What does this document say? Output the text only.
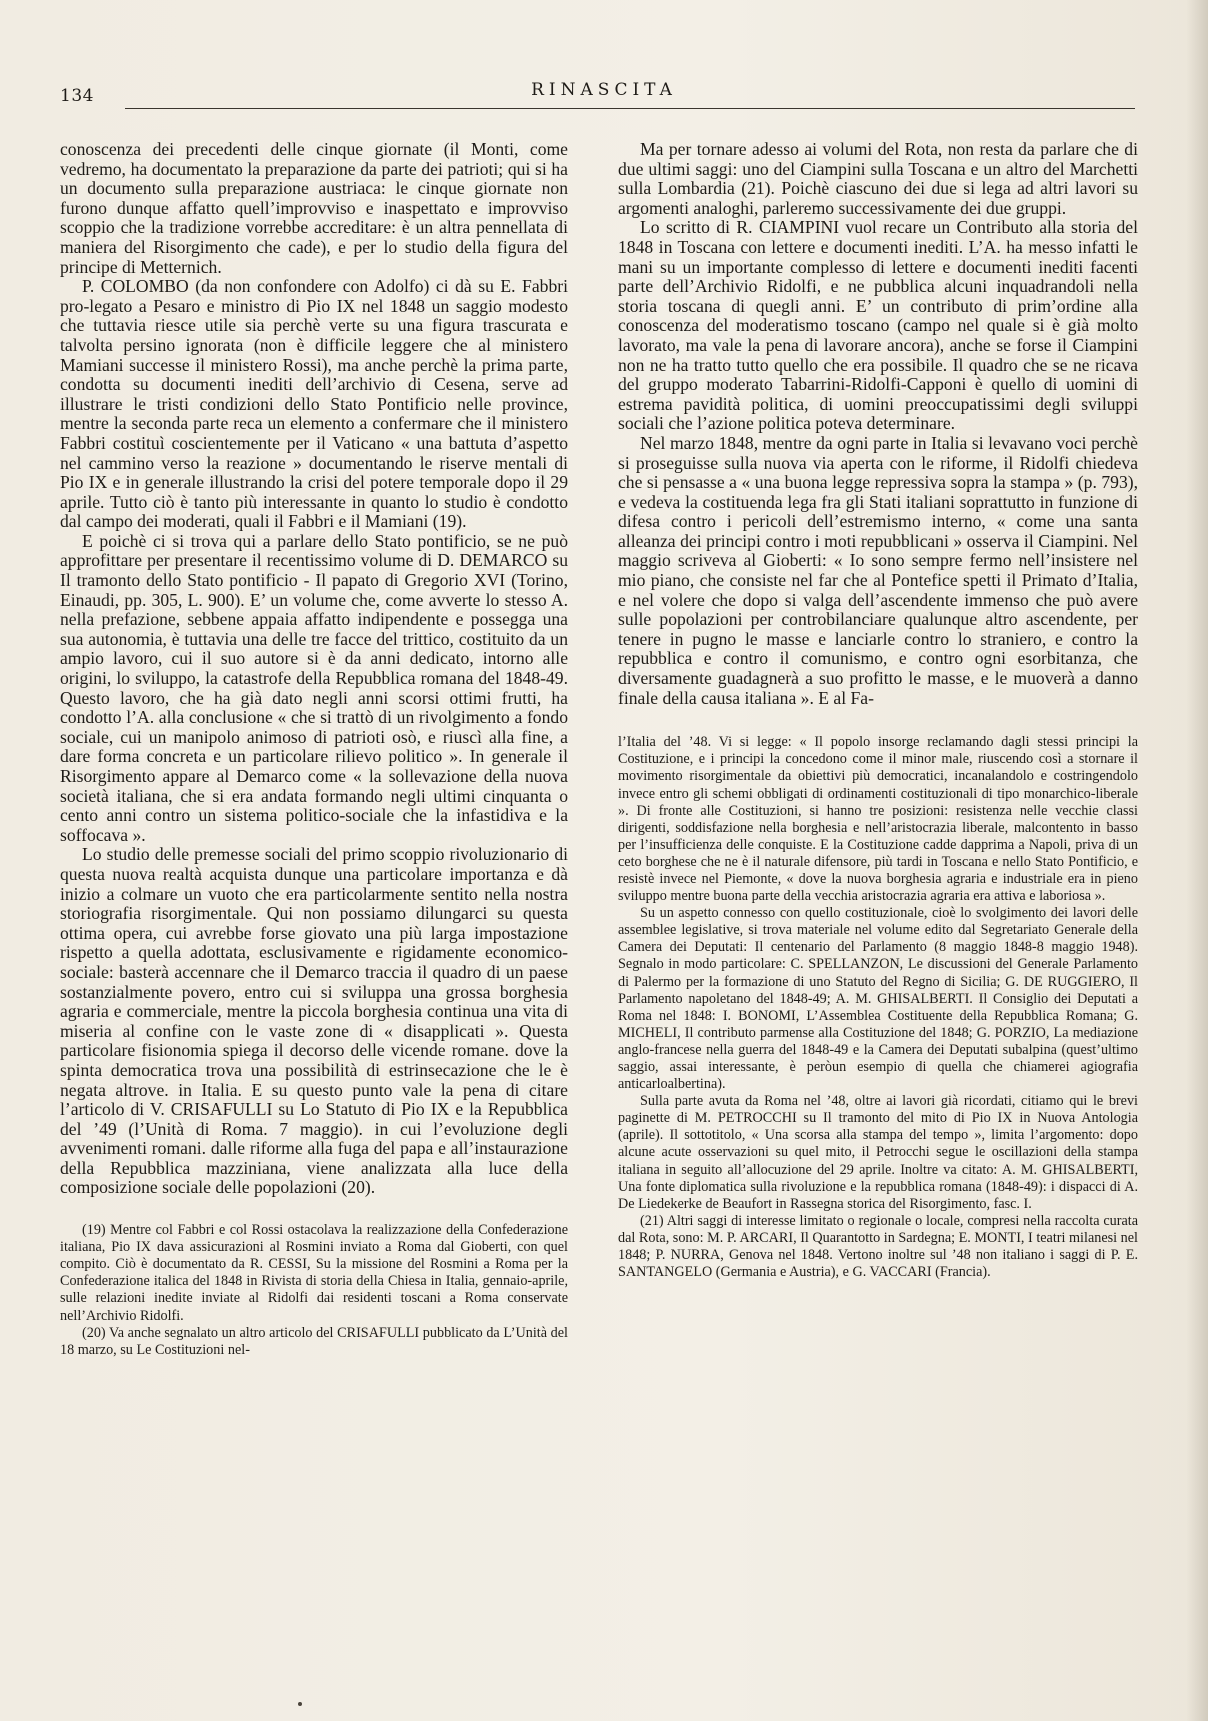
134	RINASCITA

conoscenza dei precedenti delle cinque giornate (il Monti, come vedremo, ha documentato la preparazione da parte dei patrioti; qui si ha un documento sulla preparazione austriaca: le cinque giornate non furono dunque affatto quell’improvviso e inaspettato e improvviso scoppio che la tradizione vorrebbe accreditare: è un altra pennellata di maniera del Risorgimento che cade), e per lo studio della figura del principe di Metternich.

P. COLOMBO (da non confondere con Adolfo) ci dà su E. Fabbri pro-legato a Pesaro e ministro di Pio IX nel 1848 un saggio modesto che tuttavia riesce utile sia perchè verte su una figura trascurata e talvolta persino ignorata (non è difficile leggere che al ministero Mamiani successe il ministero Rossi), ma anche perchè la prima parte, condotta su documenti inediti dell’archivio di Cesena, serve ad illustrare le tristi condizioni dello Stato Pontificio nelle province, mentre la seconda parte reca un elemento a confermare che il ministero Fabbri costituì coscientemente per il Vaticano « una battuta d’aspetto nel cammino verso la reazione » documentando le riserve mentali di Pio IX e in generale illustrando la crisi del potere temporale dopo il 29 aprile. Tutto ciò è tanto più interessante in quanto lo studio è condotto dal campo dei moderati, quali il Fabbri e il Mamiani (19).

E poichè ci si trova qui a parlare dello Stato pontificio, se ne può approfittare per presentare il recentissimo volume di D. DEMARCO su Il tramonto dello Stato pontificio - Il papato di Gregorio XVI (Torino, Einaudi, pp. 305, L. 900). E’ un volume che, come avverte lo stesso A. nella prefazione, sebbene appaia affatto indipendente e possegga una sua autonomia, è tuttavia una delle tre facce del trittico, costituito da un ampio lavoro, cui il suo autore si è da anni dedicato, intorno alle origini, lo sviluppo, la catastrofe della Repubblica romana del 1848-49. Questo lavoro, che ha già dato negli anni scorsi ottimi frutti, ha condotto l’A. alla conclusione « che si trattò di un rivolgimento a fondo sociale, cui un manipolo animoso di patrioti osò, e riuscì alla fine, a dare forma concreta e un particolare rilievo politico ». In generale il Risorgimento appare al Demarco come « la sollevazione della nuova società italiana, che si era andata formando negli ultimi cinquanta o cento anni contro un sistema politico-sociale che la infastidiva e la soffocava ».

Lo studio delle premesse sociali del primo scoppio rivoluzionario di questa nuova realtà acquista dunque una particolare importanza e dà inizio a colmare un vuoto che era particolarmente sentito nella nostra storiografia risorgimentale. Qui non possiamo dilungarci su questa ottima opera, cui avrebbe forse giovato una più larga impostazione rispetto a quella adottata, esclusivamente e rigidamente economico-sociale: basterà accennare che il Demarco traccia il quadro di un paese sostanzialmente povero, entro cui si sviluppa una grossa borghesia agraria e commerciale, mentre la piccola borghesia continua una vita di miseria al confine con le vaste zone di « disapplicati ». Questa particolare fisionomia spiega il decorso delle vicende romane. dove la spinta democratica trova una possibilità di estrinsecazione che le è negata altrove. in Italia. E su questo punto vale la pena di citare l’articolo di V. CRISAFULLI su Lo Statuto di Pio IX e la Repubblica del ’49 (l’Unità di Roma. 7 maggio). in cui l’evoluzione degli avvenimenti romani. dalle riforme alla fuga del papa e all’instaurazione della Repubblica mazziniana, viene analizzata alla luce della composizione sociale delle popolazioni (20).

(19) Mentre col Fabbri e col Rossi ostacolava la realizzazione della Confederazione italiana, Pio IX dava assicurazioni al Rosmini inviato a Roma dal Gioberti, con quel compito. Ciò è documentato da R. CESSI, Su la missione del Rosmini a Roma per la Confederazione italica del 1848 in Rivista di storia della Chiesa in Italia, gennaio-aprile, sulle relazioni inedite inviate al Ridolfi dai residenti toscani a Roma conservate nell’Archivio Ridolfi.

(20) Va anche segnalato un altro articolo del CRISAFULLI pubblicato da L’Unità del 18 marzo, su Le Costituzioni nel-

Ma per tornare adesso ai volumi del Rota, non resta da parlare che di due ultimi saggi: uno del Ciampini sulla Toscana e un altro del Marchetti sulla Lombardia (21). Poichè ciascuno dei due si lega ad altri lavori su argomenti analoghi, parleremo successivamente dei due gruppi.

Lo scritto di R. CIAMPINI vuol recare un Contributo alla storia del 1848 in Toscana con lettere e documenti inediti. L’A. ha messo infatti le mani su un importante complesso di lettere e documenti inediti facenti parte dell’Archivio Ridolfi, e ne pubblica alcuni inquadrandoli nella storia toscana di quegli anni. E’ un contributo di prim’ordine alla conoscenza del moderatismo toscano (campo nel quale si è già molto lavorato, ma vale la pena di lavorare ancora), anche se forse il Ciampini non ne ha tratto tutto quello che era possibile. Il quadro che se ne ricava del gruppo moderato Tabarrini-Ridolfi-Capponi è quello di uomini di estrema pavidità politica, di uomini preoccupatissimi degli sviluppi sociali che l’azione politica poteva determinare.

Nel marzo 1848, mentre da ogni parte in Italia si levavano voci perchè si proseguisse sulla nuova via aperta con le riforme, il Ridolfi chiedeva che si pensasse a « una buona legge repressiva sopra la stampa » (p. 793), e vedeva la costituenda lega fra gli Stati italiani soprattutto in funzione di difesa contro i pericoli dell’estremismo interno, « come una santa alleanza dei principi contro i moti repubblicani » osserva il Ciampini. Nel maggio scriveva al Gioberti: « Io sono sempre fermo nell’insistere nel mio piano, che consiste nel far che al Pontefice spetti il Primato d’Italia, e nel volere che dopo si valga dell’ascendente immenso che può avere sulle popolazioni per controbilanciare qualunque altro ascendente, per tenere in pugno le masse e lanciarle contro lo straniero, e contro la repubblica e contro il comunismo, e contro ogni esorbitanza, che diversamente guadagnerà a suo profitto le masse, e le muoverà a danno finale della causa italiana ». E al Fa-

l’Italia del ’48. Vi si legge: « Il popolo insorge reclamando dagli stessi principi la Costituzione, e i principi la concedono come il minor male, riuscendo così a stornare il movimento risorgimentale da obiettivi più democratici, incanalandolo e costringendolo invece entro gli schemi obbligati di ordinamenti costituzionali di tipo monarchico-liberale ». Di fronte alle Costituzioni, si hanno tre posizioni: resistenza nelle vecchie classi dirigenti, soddisfazione nella borghesia e nell’aristocrazia liberale, malcontento in basso per l’insufficienza delle conquiste. E la Costituzione cadde dapprima a Napoli, priva di un ceto borghese che ne è il naturale difensore, più tardi in Toscana e nello Stato Pontificio, e resistè invece nel Piemonte, « dove la nuova borghesia agraria e industriale era in pieno sviluppo mentre buona parte della vecchia aristocrazia agraria era attiva e laboriosa ».

Su un aspetto connesso con quello costituzionale, cioè lo svolgimento dei lavori delle assemblee legislative, si trova materiale nel volume edito dal Segretariato Generale della Camera dei Deputati: Il centenario del Parlamento (8 maggio 1848-8 maggio 1948). Segnalo in modo particolare: C. SPELLANZON, Le discussioni del Generale Parlamento di Palermo per la formazione di uno Statuto del Regno di Sicilia; G. DE RUGGIERO, Il Parlamento napoletano del 1848-49; A. M. GHISALBERTI. Il Consiglio dei Deputati a Roma nel 1848: I. BONOMI, L’Assemblea Costituente della Repubblica Romana; G. MICHELI, Il contributo parmense alla Costituzione del 1848; G. PORZIO, La mediazione anglo-francese nella guerra del 1848-49 e la Camera dei Deputati subalpina (quest’ultimo saggio, assai interessante, è peròun esempio di quella che chiamerei agiografia anticarloalbertina).

Sulla parte avuta da Roma nel ’48, oltre ai lavori già ricordati, citiamo qui le brevi paginette di M. PETROCCHI su Il tramonto del mito di Pio IX in Nuova Antologia (aprile). Il sottotitolo, « Una scorsa alla stampa del tempo », limita l’argomento: dopo alcune acute osservazioni su quel mito, il Petrocchi segue le oscillazioni della stampa italiana in seguito all’allocuzione del 29 aprile. Inoltre va citato: A. M. GHISALBERTI, Una fonte diplomatica sulla rivoluzione e la repubblica romana (1848-49): i dispacci di A. De Liedekerke de Beaufort in Rassegna storica del Risorgimento, fasc. I.

(21) Altri saggi di interesse limitato o regionale o locale, compresi nella raccolta curata dal Rota, sono: M. P. ARCARI, Il Quarantotto in Sardegna; E. MONTI, I teatri milanesi nel 1848; P. NURRA, Genova nel 1848. Vertono inoltre sul ’48 non italiano i saggi di P. E. SANTANGELO (Germania e Austria), e G. VACCARI (Francia).
